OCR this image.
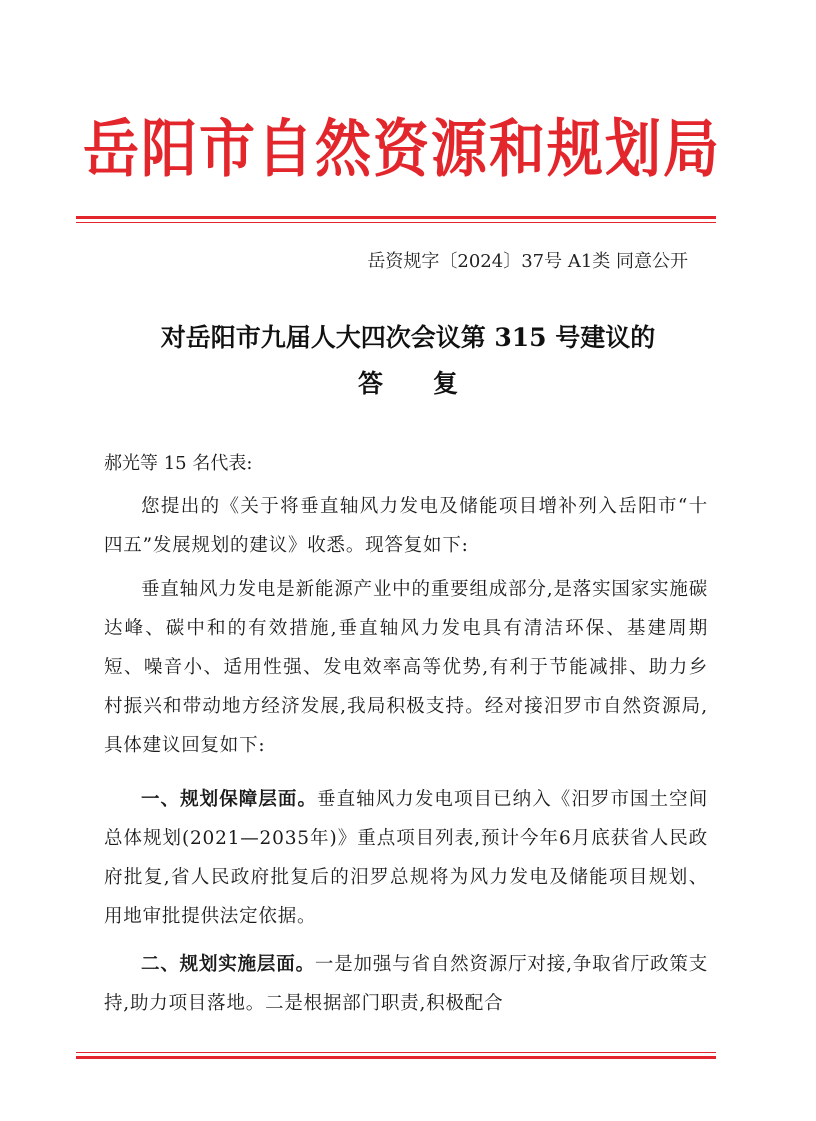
岳阳市自然资源和规划局
岳资规字〔2024〕37号 A1类 同意公开
对岳阳市九届人大四次会议第 315 号建议的
答复
郝光等 15 名代表:

您提出的《关于将垂直轴风力发电及储能项目增补列入岳阳市“十四五”发展规划的建议》收悉。现答复如下:

垂直轴风力发电是新能源产业中的重要组成部分,是落实国家实施碳达峰、碳中和的有效措施,垂直轴风力发电具有清洁环保、基建周期短、噪音小、适用性强、发电效率高等优势,有利于节能减排、助力乡村振兴和带动地方经济发展,我局积极支持。经对接汨罗市自然资源局,具体建议回复如下:

一、规划保障层面。垂直轴风力发电项目已纳入《汨罗市国土空间总体规划(2021—2035年)》重点项目列表,预计今年6月底获省人民政府批复,省人民政府批复后的汨罗总规将为风力发电及储能项目规划、用地审批提供法定依据。

二、规划实施层面。一是加强与省自然资源厅对接,争取省厅政策支持,助力项目落地。二是根据部门职责,积极配合
